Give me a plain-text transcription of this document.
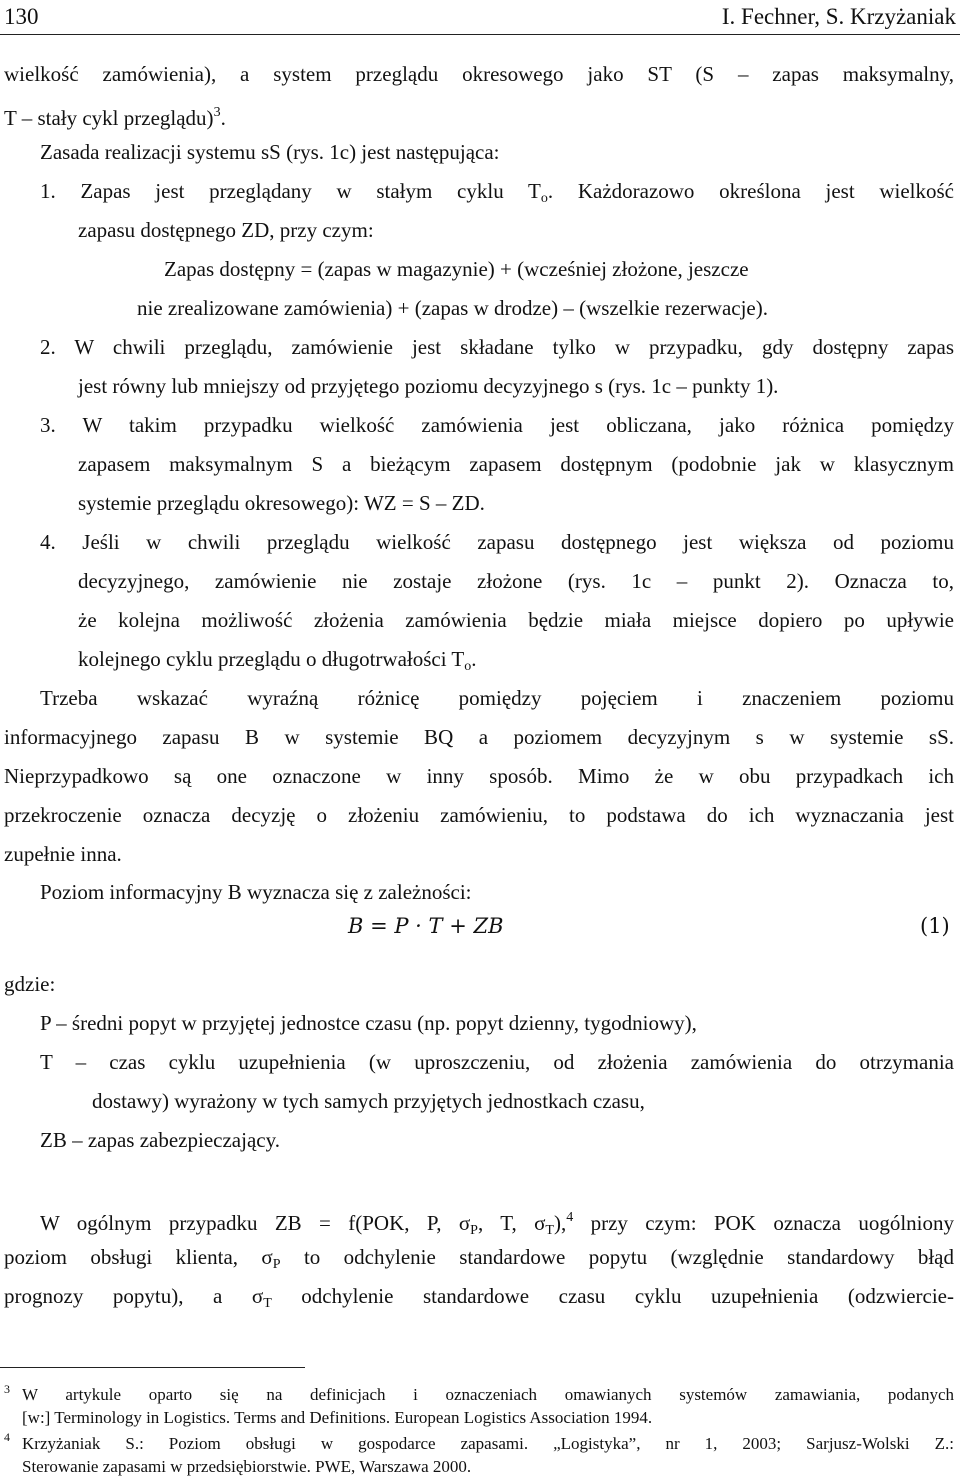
130	I. Fechner, S. Krzyżaniak
wielkość zamówienia), a system przeglądu okresowego jako ST (S – zapas maksymalny,
T – stały cykl przeglądu)$^3$.
Zasada realizacji systemu sS (rys. 1c) jest następująca:
1. Zapas jest przeglądany w stałym cyklu $T_o$. Każdorazowo określona jest wielkość
zapasu dostępnego ZD, przy czym:
Zapas dostępny = (zapas w magazynie) + (wcześniej złożone, jeszcze
nie zrealizowane zamówienia) + (zapas w drodze) – (wszelkie rezerwacje).
2. W chwili przeglądu, zamówienie jest składane tylko w przypadku, gdy dostępny zapas
jest równy lub mniejszy od przyjętego poziomu decyzyjnego s (rys. 1c – punkty 1).
3. W takim przypadku wielkość zamówienia jest obliczana, jako różnica pomiędzy
zapasem maksymalnym S a bieżącym zapasem dostępnym (podobnie jak w klasycznym
systemie przeglądu okresowego): WZ = S – ZD.
4. Jeśli w chwili przeglądu wielkość zapasu dostępnego jest większa od poziomu
decyzyjnego, zamówienie nie zostaje złożone (rys. 1c – punkt 2). Oznacza to,
że kolejna możliwość złożenia zamówienia będzie miała miejsce dopiero po upływie
kolejnego cyklu przeglądu o długotrwałości $T_o$.
Trzeba wskazać wyraźną różnicę pomiędzy pojęciem i znaczeniem poziomu
informacyjnego zapasu B w systemie BQ a poziomem decyzyjnym s w systemie sS.
Nieprzypadkowo są one oznaczone w inny sposób. Mimo że w obu przypadkach ich
przekroczenie oznacza decyzję o złożeniu zamówieniu, to podstawa do ich wyznaczania jest
zupełnie inna.
Poziom informacyjny B wyznacza się z zależności:
B = P · T + ZB	(1)
gdzie:
P – średni popyt w przyjętej jednostce czasu (np. popyt dzienny, tygodniowy),
T – czas cyklu uzupełnienia (w uproszczeniu, od złożenia zamówienia do otrzymania
dostawy) wyrażony w tych samych przyjętych jednostkach czasu,
ZB – zapas zabezpieczający.
W ogólnym przypadku ZB = f(POK, P, $\sigma_P$, T, $\sigma_T),^4$ przy czym: POK oznacza uogólniony
poziom obsługi klienta, $\sigma_P$ to odchylenie standardowe popytu (względnie standardowy błąd
prognozy popytu), a $\sigma_T$ odchylenie standardowe czasu cyklu uzupełnienia (odzwiercie-
3 W artykule oparto się na definicjach i oznaczeniach omawianych systemów zamawiania, podanych
[w:] Terminology in Logistics. Terms and Definitions. European Logistics Association 1994.
4 Krzyżaniak S.: Poziom obsługi w gospodarce zapasami. „Logistyka”, nr 1, 2003; Sarjusz-Wolski Z.:
Sterowanie zapasami w przedsiębiorstwie. PWE, Warszawa 2000.
